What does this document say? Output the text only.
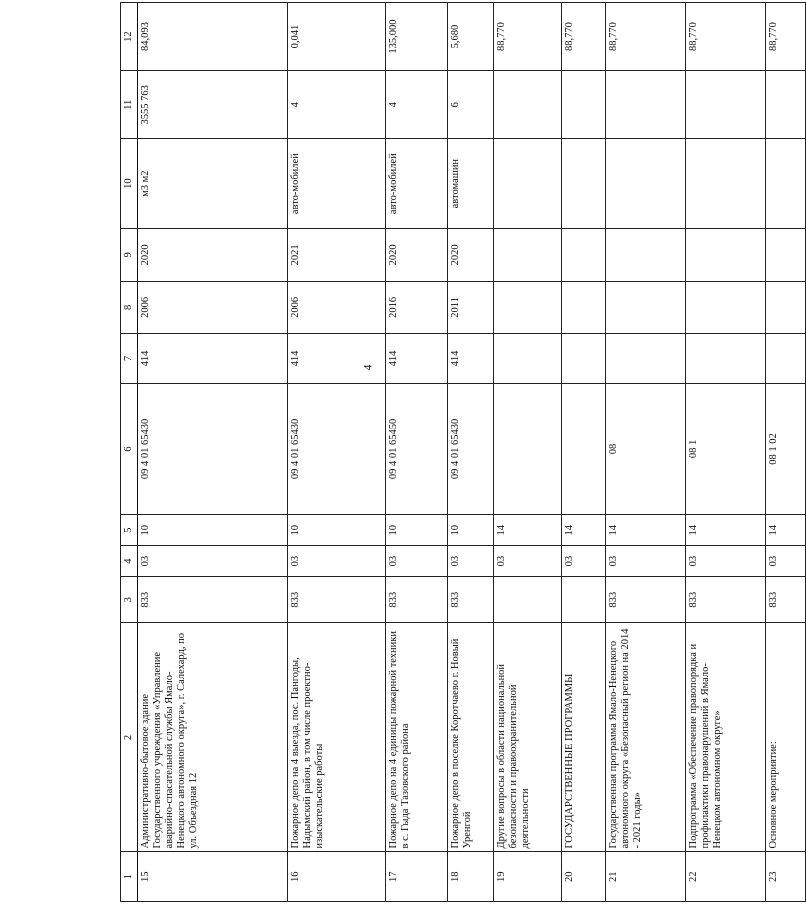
4
1	2	3	4	5	6	7	8	9	10	11	12
15	Административно-бытовое здание Государственного учреждения «Управление аварийно-спасательной службы Ямало-Ненецкого автономного округа», г. Салехард, по ул. Объездная 12	833	03	10	09 4 01 65430	414	2006	2020	м3 м2	3555 763	84,093
16	Пожарное депо на 4 выезда, пос. Пангоды, Надымский район, в том числе проектно-изыскательские работы	833	03	10	09 4 01 65430	414	2006	2021	авто-мобилей	4	0,041
17	Пожарное депо на 4 единицы пожарной техники в с. Гыда Тазовского района	833	03	10	09 4 01 65450	414	2016	2020	авто-мобилей	4	135,000
18	Пожарное депо в поселке Коротчаево г. Новый Уренгой	833	03	10	09 4 01 65430	414	2011	2020	автомашин	6	5,680
19	Другие вопросы в области национальной безопасности и правоохранительной деятельности		03	14							88,770
20	ГОСУДАРСТВЕННЫЕ ПРОГРАММЫ		03	14							88,770
21	Государственная программа Ямало-Ненецкого автономного округа «Безопасный регион на 2014 - 2021 годы»	833	03	14	08						88,770
22	Подпрограмма «Обеспечение правопорядка и профилактики правонарушений в Ямало-Ненецком автономном округе»	833	03	14	08 1						88,770
23	Основное мероприятие:	833	03	14	08 1 02						88,770
